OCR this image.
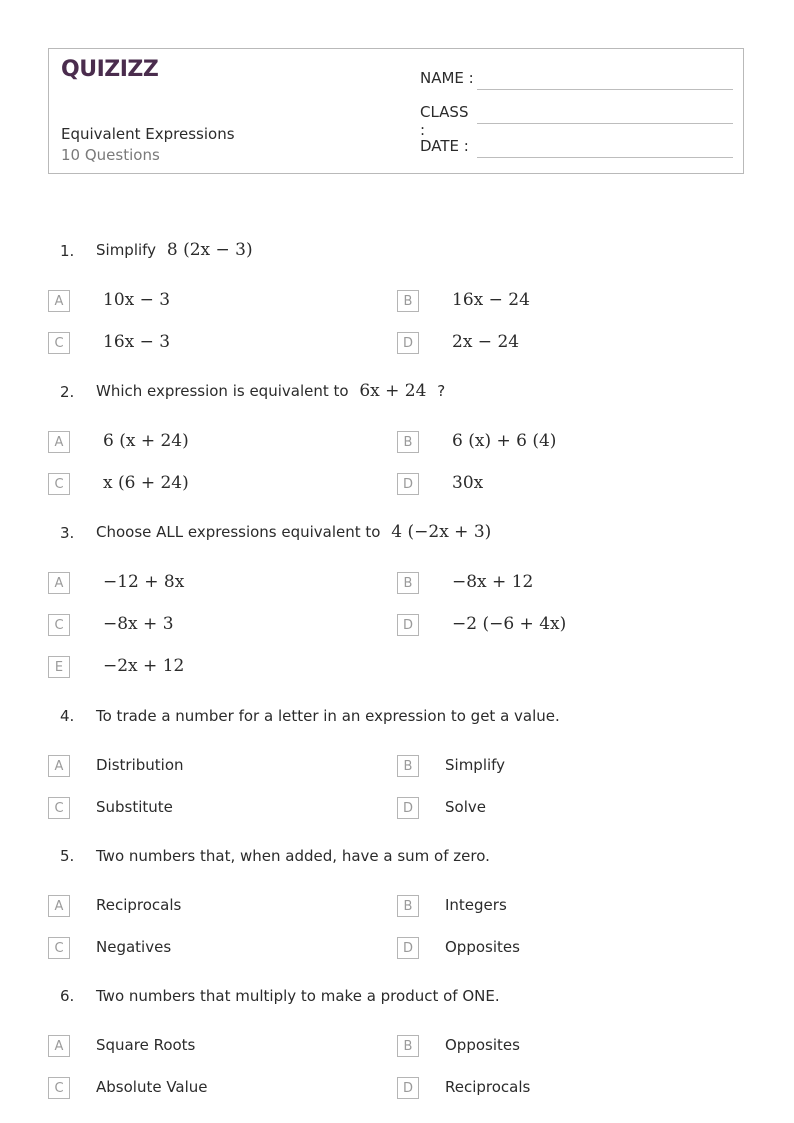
QUIZIZZ
Equivalent Expressions
10 Questions
NAME :
CLASS :
DATE :
1. Simplify 8 (2x − 3)
A	10x − 3	B	16x − 24
C	16x − 3	D	2x − 24
2. Which expression is equivalent to 6x + 24 ?
A	6 (x + 24)	B	6 (x) + 6 (4)
C	x (6 + 24)	D	30x
3. Choose ALL expressions equivalent to 4 (−2x + 3)
A	−12 + 8x	B	−8x + 12
C	−8x + 3	D	−2 (−6 + 4x)
E	−2x + 12
4. To trade a number for a letter in an expression to get a value.
A	Distribution	B	Simplify
C	Substitute	D	Solve
5. Two numbers that, when added, have a sum of zero.
A	Reciprocals	B	Integers
C	Negatives	D	Opposites
6. Two numbers that multiply to make a product of ONE.
A	Square Roots	B	Opposites
C	Absolute Value	D	Reciprocals
